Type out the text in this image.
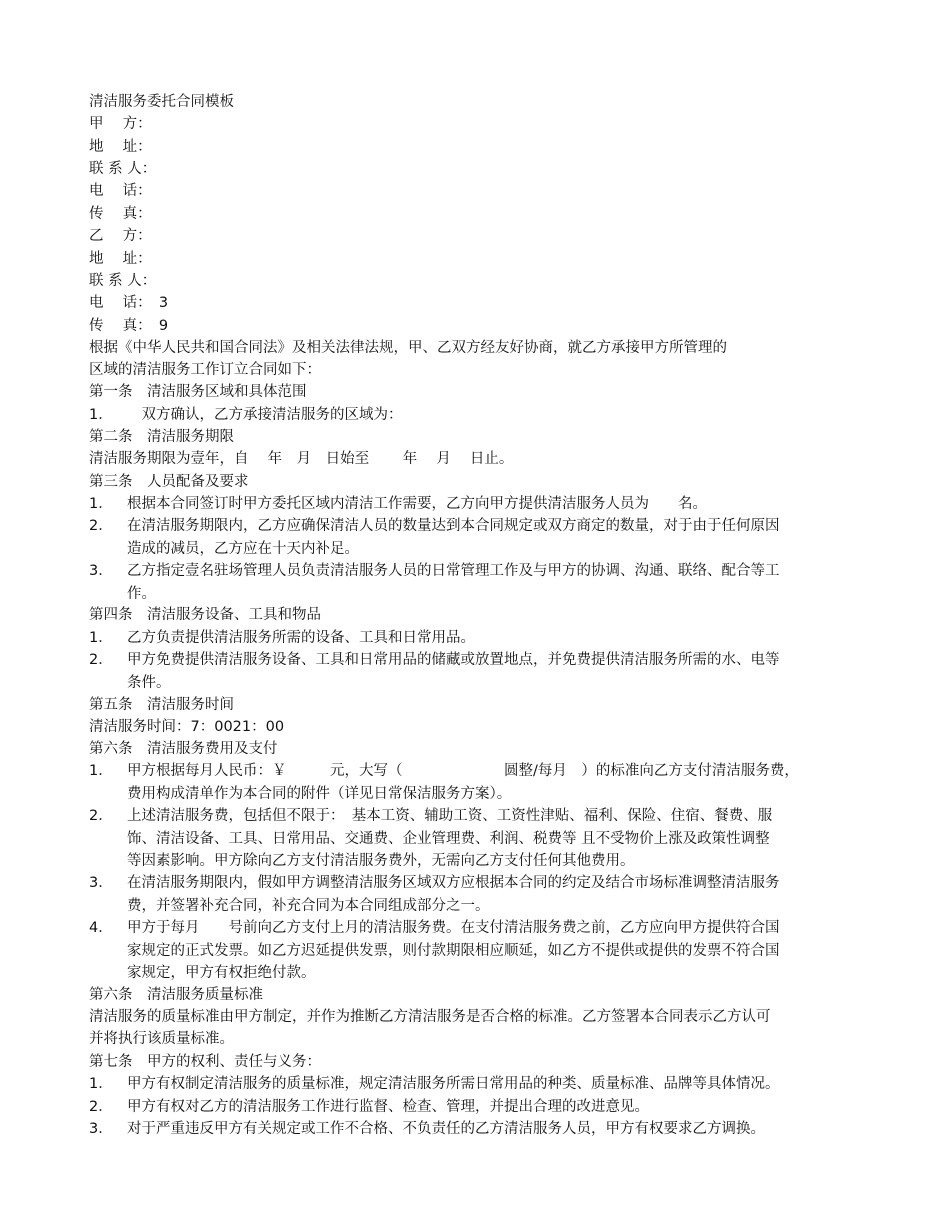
清洁服务委托合同模板
甲　 方：
地　 址：
联 系 人：
电　 话：
传　 真：
乙　 方：
地　 址：
联 系 人：
电　 话：　3
传　 真：　9
根据《中华人民共和国合同法》及相关法律法规，甲、乙双方经友好协商，就乙方承接甲方所管理的
区域的清洁服务工作订立合同如下：
第一条　清洁服务区域和具体范围
1． 　双方确认，乙方承接清洁服务的区域为：
第二条　清洁服务期限
清洁服务期限为壹年，自　 年　月　日始至　　 年　 月　 日止。
第三条　人员配备及要求
1． 根据本合同签订时甲方委托区域内清洁工作需要，乙方向甲方提供清洁服务人员为　　名。
2． 在清洁服务期限内，乙方应确保清洁人员的数量达到本合同规定或双方商定的数量，对于由于任何原因
造成的减员，乙方应在十天内补足。
3． 乙方指定壹名驻场管理人员负责清洁服务人员的日常管理工作及与甲方的协调、沟通、联络、配合等工
作。
第四条　清洁服务设备、工具和物品
1． 乙方负责提供清洁服务所需的设备、工具和日常用品。
2． 甲方免费提供清洁服务设备、工具和日常用品的储藏或放置地点，并免费提供清洁服务所需的水、电等
条件。
第五条　清洁服务时间
清洁服务时间：7：0021：00
第六条　清洁服务费用及支付
1． 甲方根据每月人民币：￥　　　元，大写（　　　　　　　圆整/每月　）的标准向乙方支付清洁服务费，
费用构成清单作为本合同的附件（详见日常保洁服务方案）。
2． 上述清洁服务费，包括但不限于：　基本工资、辅助工资、工资性津贴、福利、保险、住宿、餐费、服
饰、清洁设备、工具、日常用品、交通费、企业管理费、利润、税费等 且不受物价上涨及政策性调整
等因素影响。甲方除向乙方支付清洁服务费外，无需向乙方支付任何其他费用。
3． 在清洁服务期限内，假如甲方调整清洁服务区域双方应根据本合同的约定及结合市场标准调整清洁服务
费，并签署补充合同，补充合同为本合同组成部分之一。
4． 甲方于每月　　号前向乙方支付上月的清洁服务费。在支付清洁服务费之前，乙方应向甲方提供符合国
家规定的正式发票。如乙方迟延提供发票，则付款期限相应顺延，如乙方不提供或提供的发票不符合国
家规定，甲方有权拒绝付款。
第六条　清洁服务质量标准
清洁服务的质量标准由甲方制定，并作为推断乙方清洁服务是否合格的标准。乙方签署本合同表示乙方认可
并将执行该质量标准。
第七条　甲方的权利、责任与义务：
1． 甲方有权制定清洁服务的质量标准，规定清洁服务所需日常用品的种类、质量标准、品牌等具体情况。
2． 甲方有权对乙方的清洁服务工作进行监督、检查、管理，并提出合理的改进意见。
3． 对于严重违反甲方有关规定或工作不合格、不负责任的乙方清洁服务人员，甲方有权要求乙方调换。
